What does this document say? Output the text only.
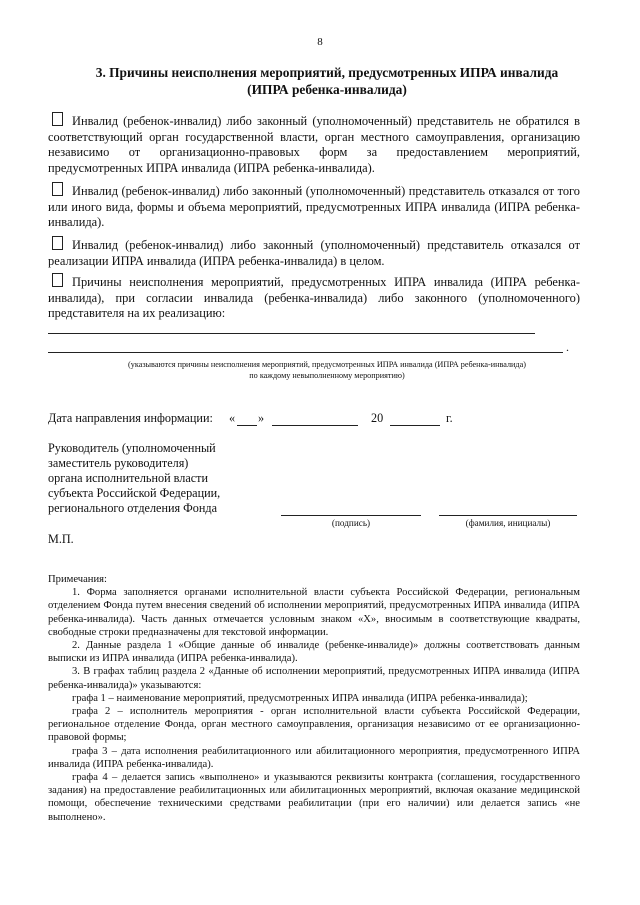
8
3. Причины неисполнения мероприятий, предусмотренных ИПРА инвалида
(ИПРА ребенка-инвалида)
Инвалид (ребенок-инвалид) либо законный (уполномоченный) представитель не обратился в соответствующий орган государственной власти, орган местного самоуправления, организацию независимо от организационно-правовых форм за предоставлением мероприятий, предусмотренных ИПРА инвалида (ИПРА ребенка-инвалида).
Инвалид (ребенок-инвалид) либо законный (уполномоченный) представитель отказался от того или иного вида, формы и объема мероприятий, предусмотренных ИПРА инвалида (ИПРА ребенка-инвалида).
Инвалид (ребенок-инвалид) либо законный (уполномоченный) представитель отказался от реализации ИПРА инвалида (ИПРА ребенка-инвалида) в целом.
Причины неисполнения мероприятий, предусмотренных ИПРА инвалида (ИПРА ребенка-инвалида), при согласии инвалида (ребенка-инвалида) либо законного (уполномоченного) представителя на их реализацию:
.
(указываются причины неисполнения мероприятий, предусмотренных ИПРА инвалида (ИПРА ребенка-инвалида)
по каждому невыполненному мероприятию)
Дата направления информации: « »	20	г.
Руководитель (уполномоченный
заместитель руководителя)
органа исполнительной власти
субъекта Российской Федерации,
регионального отделения Фонда
(подпись)	(фамилия, инициалы)
М.П.

Примечания:

1. Форма заполняется органами исполнительной власти субъекта Российской Федерации, региональным отделением Фонда путем внесения сведений об исполнении мероприятий, предусмотренных ИПРА инвалида (ИПРА ребенка-инвалида). Часть данных отмечается условным знаком «Х», вносимым в соответствующие квадраты, свободные строки предназначены для текстовой информации.

2. Данные раздела 1 «Общие данные об инвалиде (ребенке-инвалиде)» должны соответствовать данным выписки из ИПРА инвалида (ИПРА ребенка-инвалида).

3. В графах таблиц раздела 2 «Данные об исполнении мероприятий, предусмотренных ИПРА инвалида (ИПРА ребенка-инвалида)» указываются:

графа 1 – наименование мероприятий, предусмотренных ИПРА инвалида (ИПРА ребенка-инвалида);

графа 2 – исполнитель мероприятия - орган исполнительной власти субъекта Российской Федерации, региональное отделение Фонда, орган местного самоуправления, организация независимо от ее организационно-правовой формы;

графа 3 – дата исполнения реабилитационного или абилитационного мероприятия, предусмотренного ИПРА инвалида (ИПРА ребенка-инвалида).

графа 4 – делается запись «выполнено» и указываются реквизиты контракта (соглашения, государственного задания) на предоставление реабилитационных или абилитационных мероприятий, включая оказание медицинской помощи, обеспечение техническими средствами реабилитации (при его наличии) или делается запись «не выполнено».
